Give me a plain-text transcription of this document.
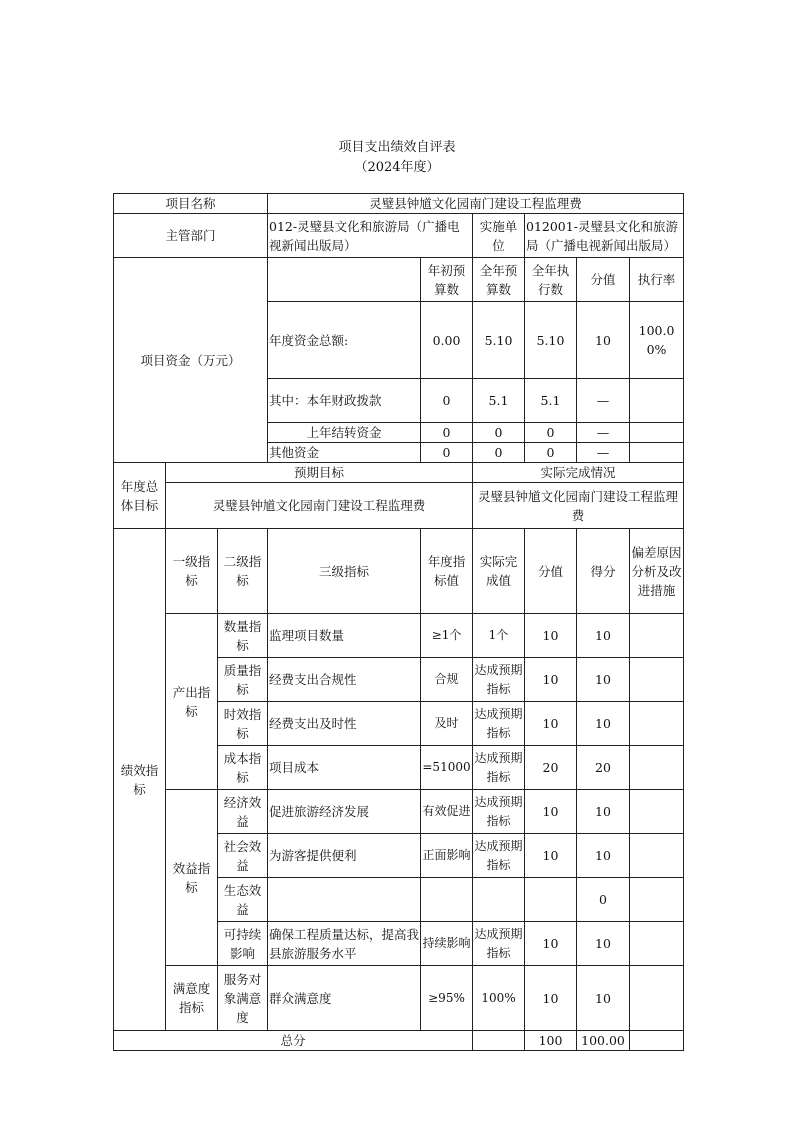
项目支出绩效自评表
（2024年度）
项目名称			灵璧县钟馗文化园南门建设工程监理费						
主管部门			012-灵璧县文化和旅游局（广播电视新闻出版局）		实施单位	012001-灵璧县文化和旅游局（广播电视新闻出版局）			
项目资金（万元）				年初预算数	全年预算数	全年执行数	分值	执行率	
			年度资金总额:	0.00	5.10	5.10	10	100.00%	
			其中：本年财政拨款	0	5.1	5.1	—		
			上年结转资金	0	0	0	—		
			其他资金	0	0	0	—		
年度总体目标	预期目标				实际完成情况				
	灵璧县钟馗文化园南门建设工程监理费				灵璧县钟馗文化园南门建设工程监理费				
绩效指标	一级指标	二级指标	三级指标	年度指标值	实际完成值	分值	得分	偏差原因分析及改进措施	
	产出指标	数量指标	监理项目数量	≥1个	1个	10	10		
		质量指标	经费支出合规性	合规	达成预期指标	10	10		
		时效指标	经费支出及时性	及时	达成预期指标	10	10		
		成本指标	项目成本	=51000	达成预期指标	20	20		
	效益指标	经济效益	促进旅游经济发展	有效促进	达成预期指标	10	10		
		社会效益	为游客提供便利	正面影响	达成预期指标	10	10		
		生态效益					0		
		可持续影响	确保工程质量达标，提高我县旅游服务水平	持续影响	达成预期指标	10	10		
	满意度指标	服务对象满意度	群众满意度	≥95%	100%	10	10		
总分						100	100.00		
